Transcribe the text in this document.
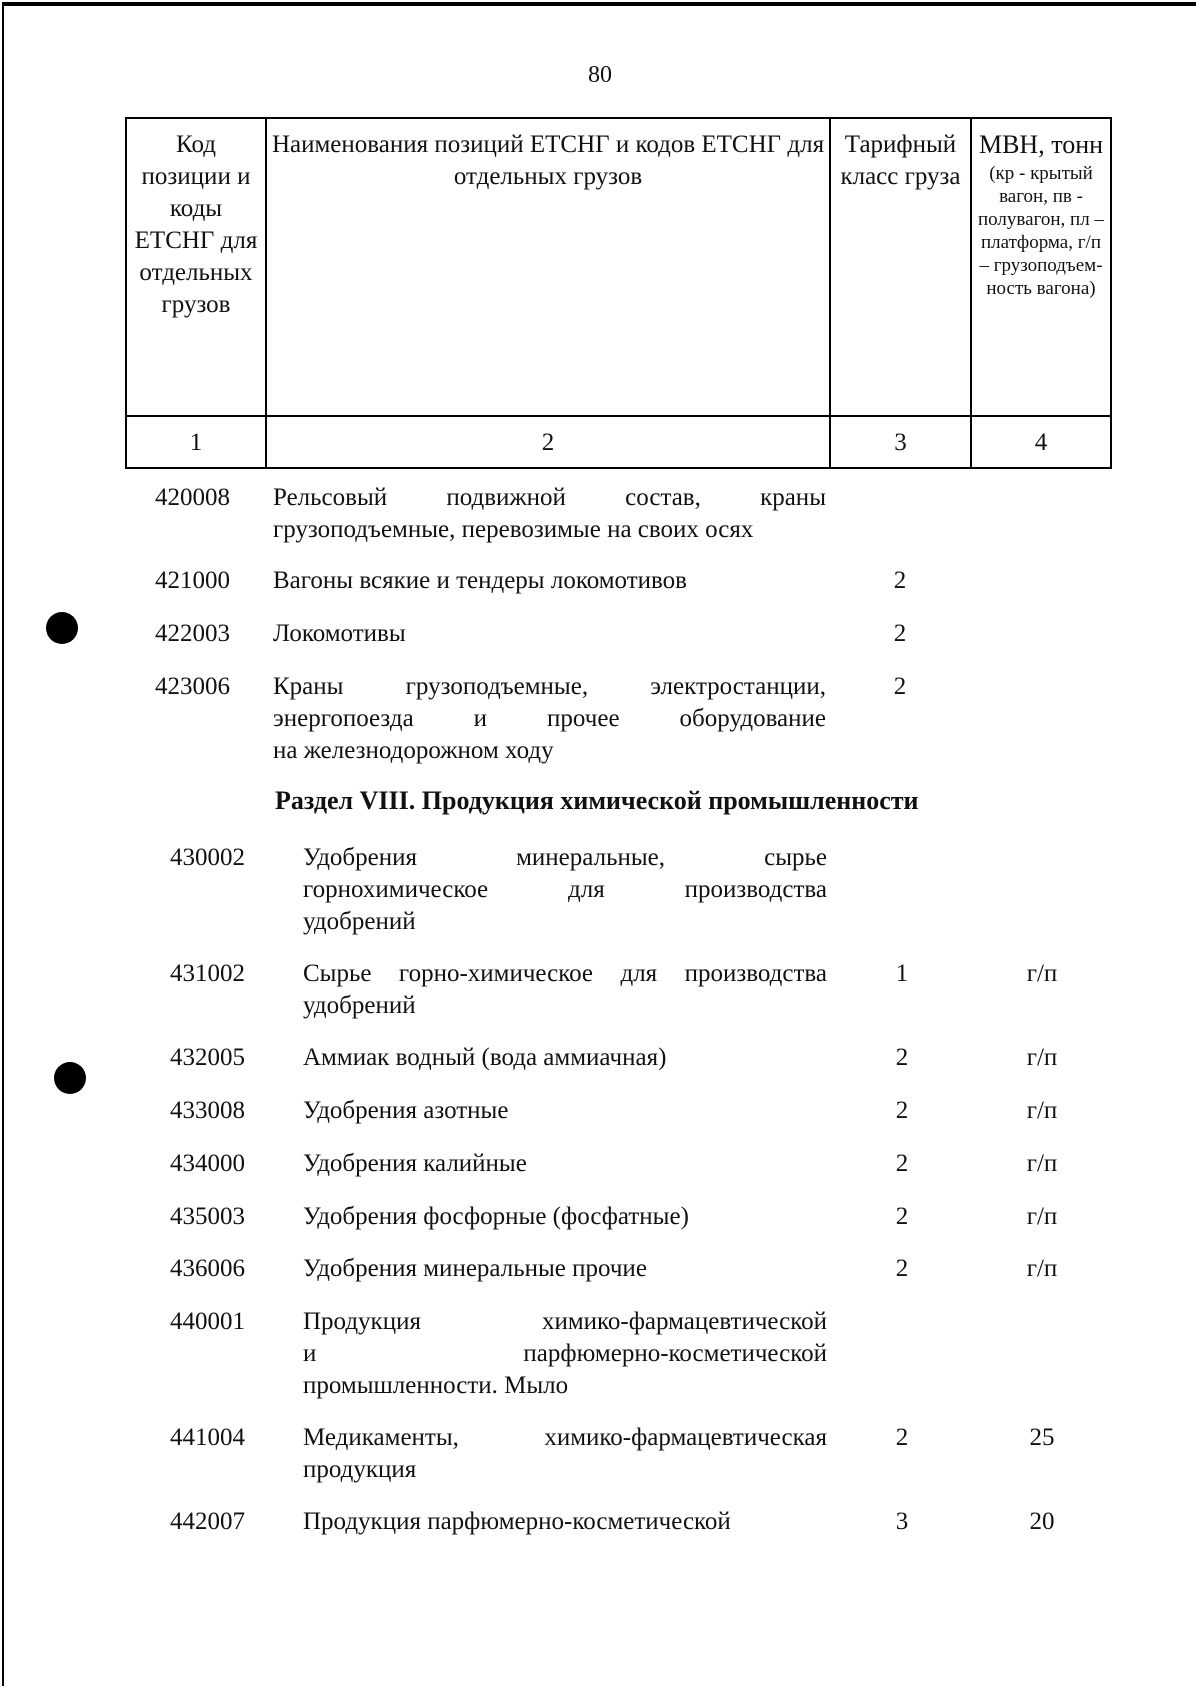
80
Код позиции и коды ЕТСНГ для отдельных грузов	Наименования позиций ЕТСНГ и кодов ЕТСНГ для отдельных грузов	Тарифный класс груза	МВН, тонн
(кр - крытый вагон, пв - полувагон, пл – платформа, г/п – грузоподъем-ность вагона)

1	2	3	4
Раздел VIII. Продукция химической промышленности
420008 Рельсовый подвижной состав, краны
грузоподъемные, перевозимые на своих осях
421000 Вагоны всякие и тендеры локомотивов	2
422003 Локомотивы	2
423006 Краны грузоподъемные, электростанции,
энергопоезда и прочее оборудование
на железнодорожном ходу
2
430002 Удобрения минеральные, сырье
горнохимическое для производства
удобрений
431002 Сырье горно-химическое для производства
удобрений
1	г/п
432005 Аммиак водный (вода аммиачная)	2	г/п
433008 Удобрения азотные	2	г/п
434000 Удобрения калийные	2	г/п
435003 Удобрения фосфорные (фосфатные)	2	г/п
436006 Удобрения минеральные прочие	2	г/п
440001 Продукция химико-фармацевтической
и парфюмерно-косметической
промышленности. Мыло
441004 Медикаменты, химико-фармацевтическая
продукция
2	25
442007 Продукция парфюмерно-косметической	3	20
